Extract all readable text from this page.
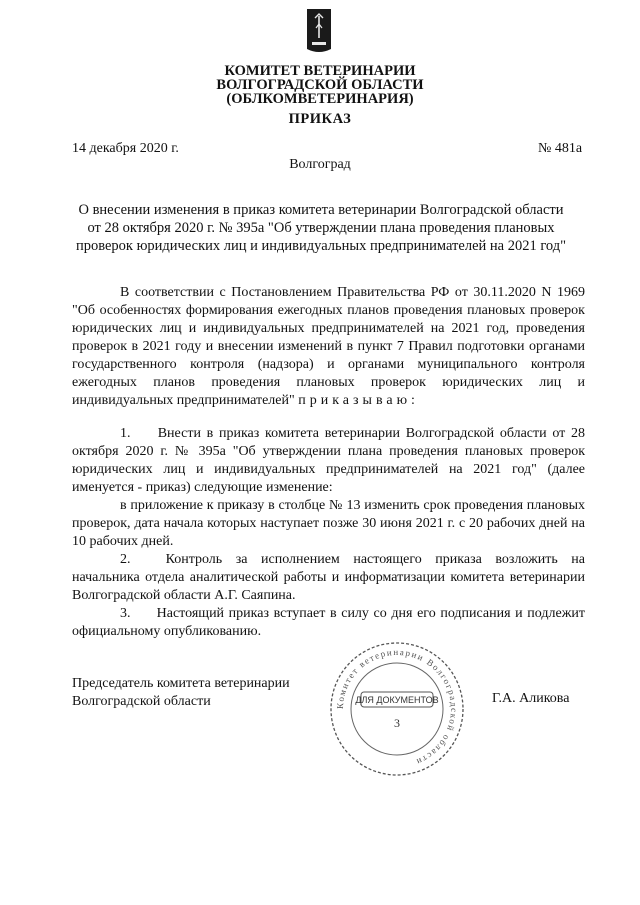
КОМИТЕТ ВЕТЕРИНАРИИ
ВОЛГОГРАДСКОЙ ОБЛАСТИ
(ОБЛКОМВЕТЕРИНАРИЯ)
ПРИКАЗ
14 декабря 2020 г.	№ 481а
Волгоград
О внесении изменения в приказ комитета ветеринарии Волгоградской области
от 28 октября 2020 г. № 395а "Об утверждении плана проведения плановых
проверок юридических лиц и индивидуальных предпринимателей на 2021 год"

В соответствии с Постановлением Правительства РФ от 30.11.2020 N 1969 "Об особенностях формирования ежегодных планов проведения плановых проверок юридических лиц и индивидуальных предпринимателей на 2021 год, проведения проверок в 2021 году и внесении изменений в пункт 7 Правил подготовки органами государственного контроля (надзора) и органами муниципального контроля ежегодных планов проведения плановых проверок юридических лиц и индивидуальных предпринимателей" приказываю:

1. Внести в приказ комитета ветеринарии Волгоградской области от 28 октября 2020 г. № 395а "Об утверждении плана проведения плановых проверок юридических лиц и индивидуальных предпринимателей на 2021 год" (далее именуется - приказ) следующие изменение:

в приложение к приказу в столбце № 13 изменить срок проведения плановых проверок, дата начала которых наступает позже 30 июня 2021 г. с 20 рабочих дней на 10 рабочих дней.

2.	Контроль за исполнением настоящего приказа возложить на начальника отдела аналитической работы и информатизации комитета ветеринарии Волгоградской области А.Г. Саяпина.

3. Настоящий приказ вступает в силу со дня его подписания и подлежит официальному опубликованию.

Председатель комитета ветеринарии
Волгоградской области	Г.А. Аликова
Комитет ветеринарии Волгоградской области
ДЛЯ ДОКУМЕНТОВ
3
